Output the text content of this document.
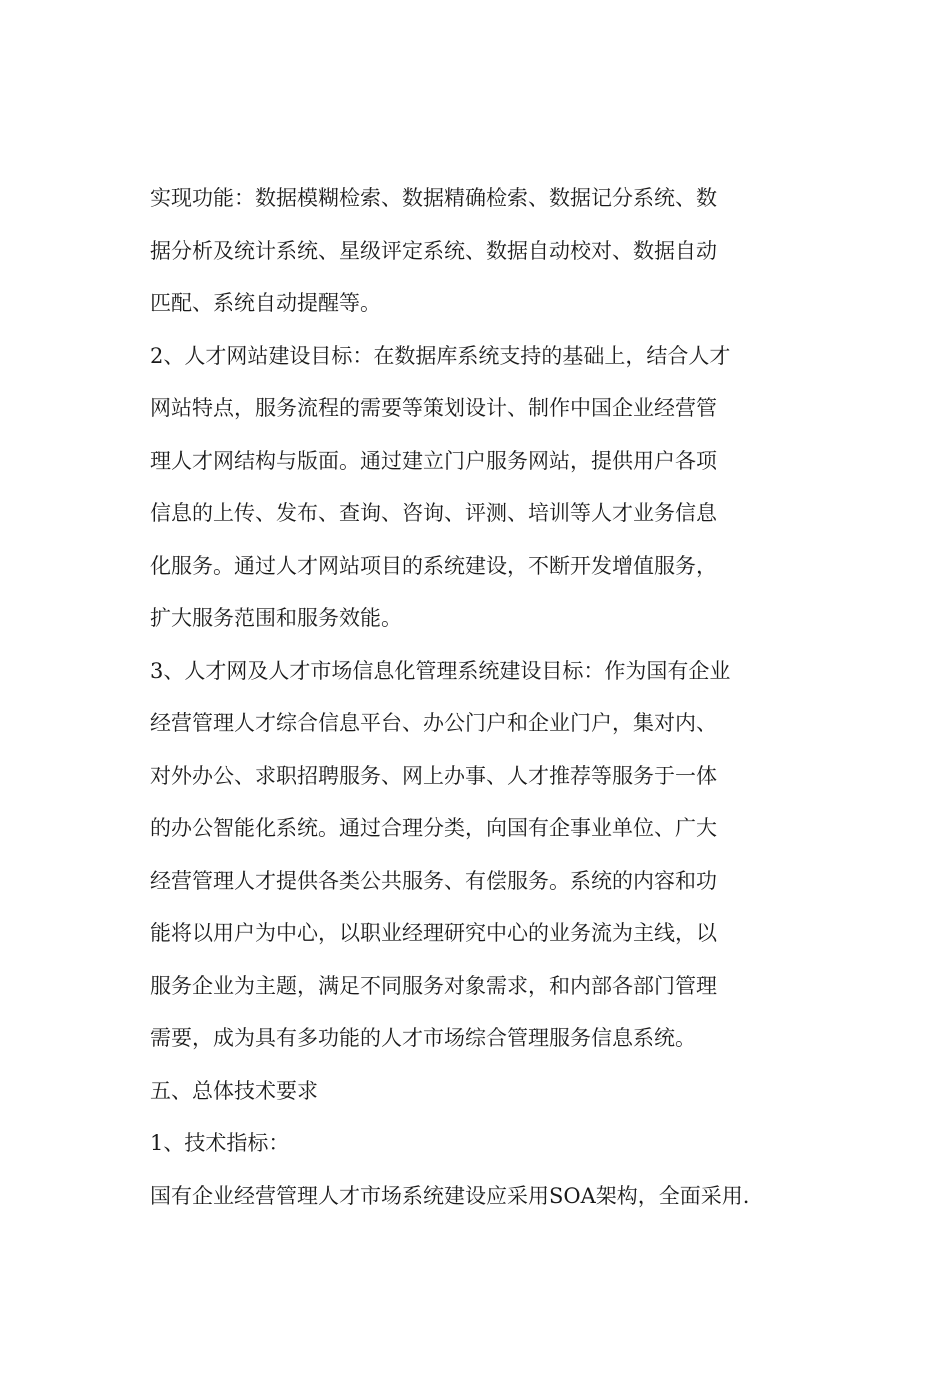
实现功能：数据模糊检索、数据精确检索、数据记分系统、数
据分析及统计系统、星级评定系统、数据自动校对、数据自动
匹配、系统自动提醒等。
2、人才网站建设目标：在数据库系统支持的基础上，结合人才
网站特点，服务流程的需要等策划设计、制作中国企业经营管
理人才网结构与版面。通过建立门户服务网站，提供用户各项
信息的上传、发布、查询、咨询、评测、培训等人才业务信息
化服务。通过人才网站项目的系统建设，不断开发增值服务，
扩大服务范围和服务效能。
3、人才网及人才市场信息化管理系统建设目标：作为国有企业
经营管理人才综合信息平台、办公门户和企业门户，集对内、
对外办公、求职招聘服务、网上办事、人才推荐等服务于一体
的办公智能化系统。通过合理分类，向国有企事业单位、广大
经营管理人才提供各类公共服务、有偿服务。系统的内容和功
能将以用户为中心，以职业经理研究中心的业务流为主线，以
服务企业为主题，满足不同服务对象需求，和内部各部门管理
需要，成为具有多功能的人才市场综合管理服务信息系统。
五、总体技术要求
1、技术指标：
国有企业经营管理人才市场系统建设应采用SOA架构，全面采用.
